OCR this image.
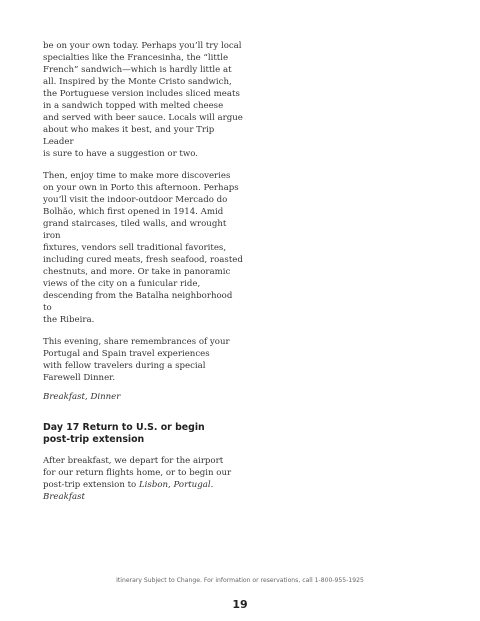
be on your own today. Perhaps you’ll try local
specialties like the Francesinha, the “little
French” sandwich—which is hardly little at
all. Inspired by the Monte Cristo sandwich,
the Portuguese version includes sliced meats
in a sandwich topped with melted cheese
and served with beer sauce. Locals will argue
about who makes it best, and your Trip Leader
is sure to have a suggestion or two.

Then, enjoy time to make more discoveries
on your own in Porto this afternoon. Perhaps
you’ll visit the indoor-outdoor Mercado do
Bolhão, which first opened in 1914. Amid
grand staircases, tiled walls, and wrought iron
fixtures, vendors sell traditional favorites,
including cured meats, fresh seafood, roasted
chestnuts, and more. Or take in panoramic
views of the city on a funicular ride,
descending from the Batalha neighborhood to
the Ribeira.

This evening, share remembrances of your
Portugal and Spain travel experiences
with fellow travelers during a special
Farewell Dinner.

Breakfast, Dinner

Day 17 Return to U.S. or begin
post-trip extension

After breakfast, we depart for the airport
for our return flights home, or to begin our
post-trip extension to Lisbon, Portugal.

Breakfast

Itinerary Subject to Change. For information or reservations, call 1-800-955-1925
19
